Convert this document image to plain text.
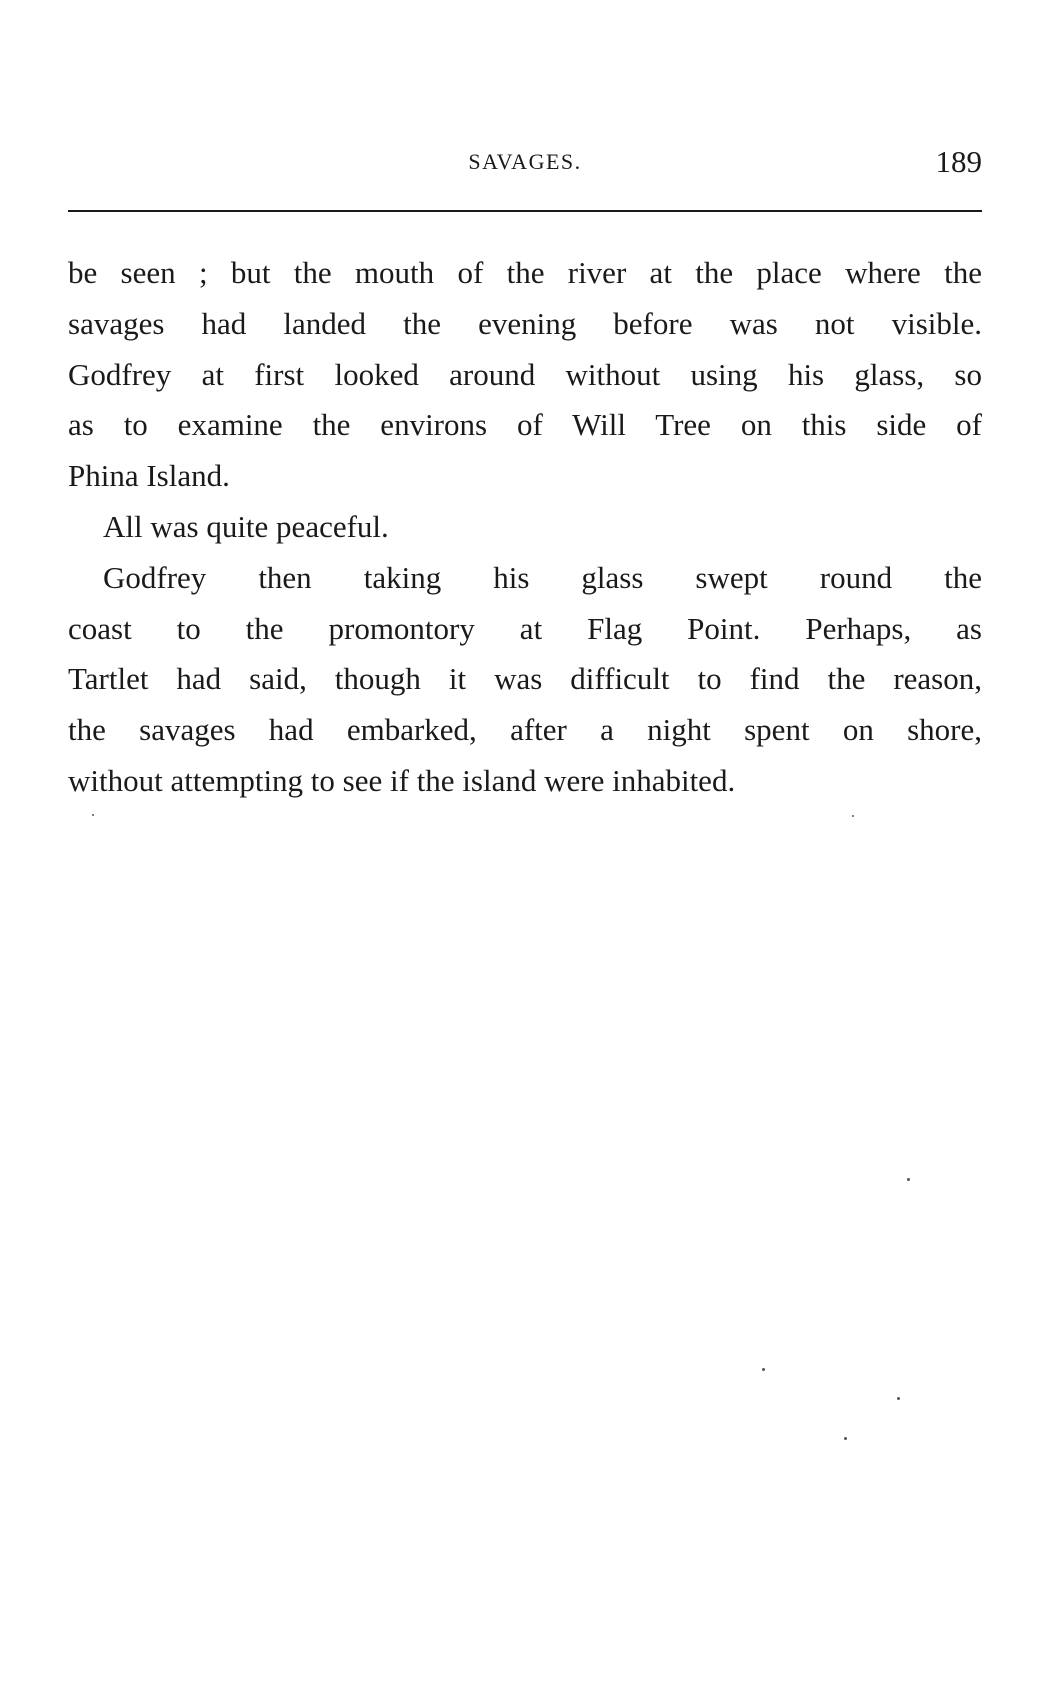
SAVAGES.	189

be seen ; but the mouth of the river at the place where the
savages had landed the evening before was not visible.
Godfrey at first looked around without using his glass, so
as to examine the environs of Will Tree on this side of
Phina Island.

All was quite peaceful.

Godfrey then taking his glass swept round the
coast to the promontory at Flag Point. Perhaps, as
Tartlet had said, though it was difficult to find the reason,
the savages had embarked, after a night spent on shore,
without attempting to see if the island were inhabited.
